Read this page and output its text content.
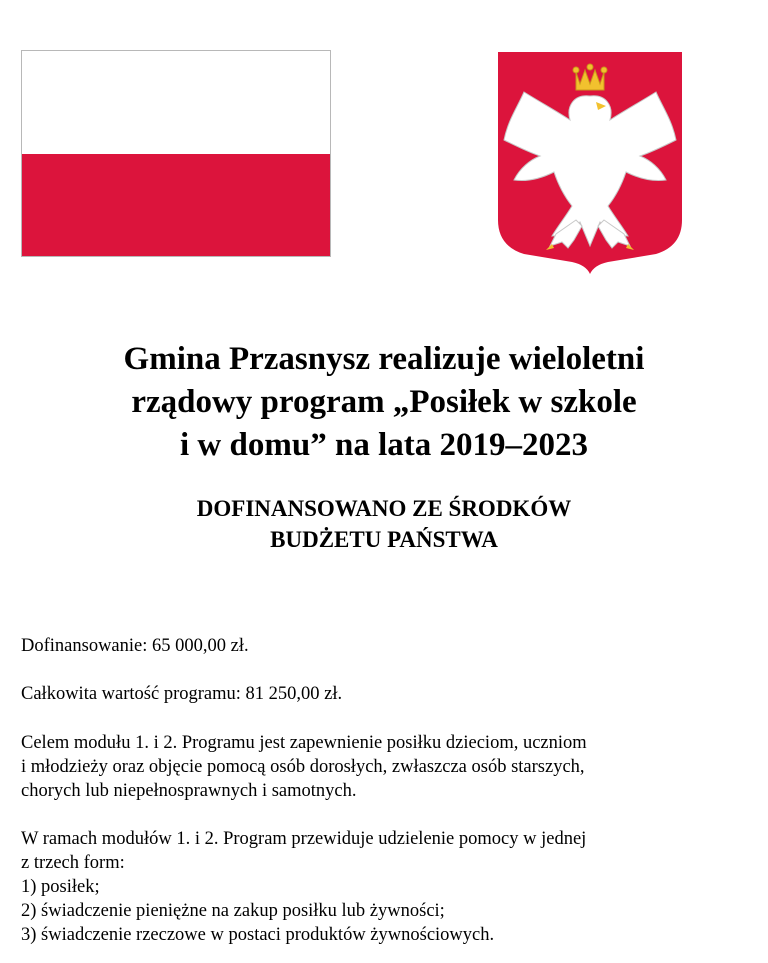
Gmina Przasnysz realizuje wieloletni
rządowy program „Posiłek w szkole
i w domu” na lata 2019–2023
DOFINANSOWANO ZE ŚRODKÓW
BUDŻETU PAŃSTWA

Dofinansowanie: 65 000,00 zł.

Całkowita wartość programu: 81 250,00 zł.

Celem modułu 1. i 2. Programu jest zapewnienie posiłku dzieciom, uczniom
i młodzieży oraz objęcie pomocą osób dorosłych, zwłaszcza osób starszych,
chorych lub niepełnosprawnych i samotnych.

W ramach modułów 1. i 2. Program przewiduje udzielenie pomocy w jednej
z trzech form:
1) posiłek;
2) świadczenie pieniężne na zakup posiłku lub żywności;
3) świadczenie rzeczowe w postaci produktów żywnościowych.
